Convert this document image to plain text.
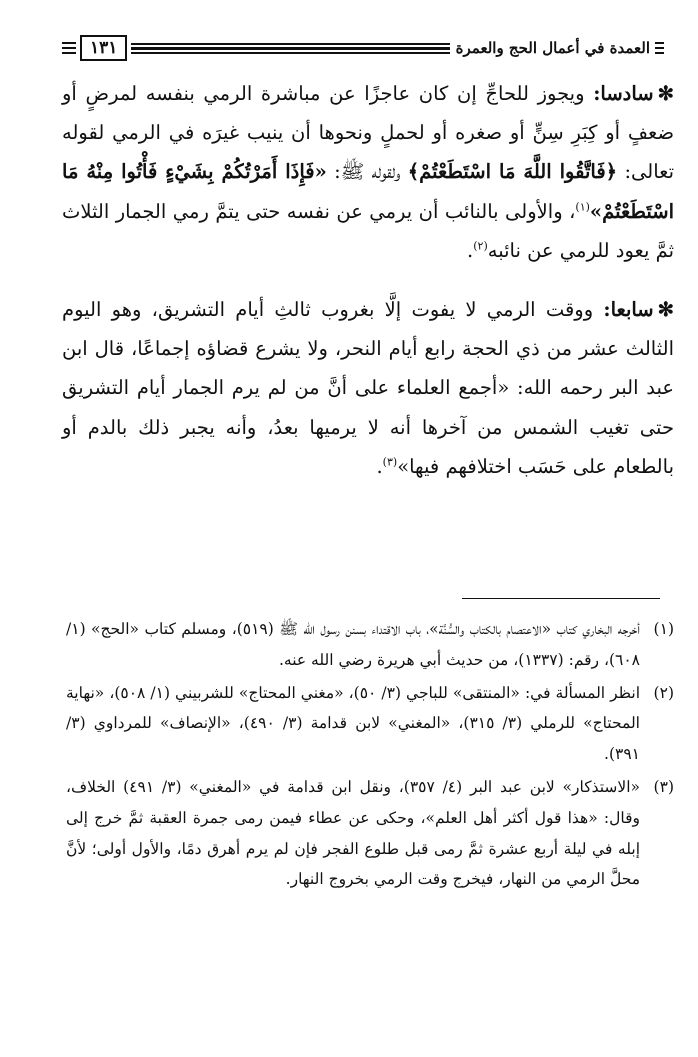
العمدة في أعمال الحج والعمرة
١٣١

✻سادسا: ويجوز للحاجِّ إن كان عاجزًا عن مباشرة الرمي بنفسه لمرضٍ أو ضعفٍ أو كِبَرِ سِنٍّ أو صغره أو لحملٍ ونحوها أن ينيب غيرَه في الرمي لقوله تعالى: ﴿فَاتَّقُوا اللَّهَ مَا اسْتَطَعْتُمْ﴾ ولقوله ﷺ: «فَإِذَا أَمَرْتُكُمْ بِشَيْءٍ فَأْتُوا مِنْهُ مَا اسْتَطَعْتُمْ»$^{(١)}$، والأولى بالنائب أن يرمي عن نفسه حتى يتمَّ رمي الجمار الثلاث ثمَّ يعود للرمي عن نائبه$^{(٢)}$.

✻سابعا: ووقت الرمي لا يفوت إلَّا بغروب ثالثِ أيام التشريق، وهو اليوم الثالث عشر من ذي الحجة رابع أيام النحر، ولا يشرع قضاؤه إجماعًا، قال ابن عبد البر رحمه الله: «أجمع العلماء على أنَّ من لم يرم الجمار أيام التشريق حتى تغيب الشمس من آخرها أنه لا يرميها بعدُ، وأنه يجبر ذلك بالدم أو بالطعام على حَسَب اختلافهم فيها»$^{(٣)}$.

(١)
أخرجه البخاري كتاب «الاعتصام بالكتاب والسُّنَّة»، باب الاقتداء بسنن رسول الله ﷺ (٥١٩)، ومسلم كتاب «الحج» (١/ ٦٠٨)، رقم: (١٣٣٧)، من حديث أبي هريرة رضي الله عنه.
(٢)
انظر المسألة في: «المنتقى» للباجي (٣/ ٥٠)، «مغني المحتاج» للشربيني (١/ ٥٠٨)، «نهاية المحتاج» للرملي (٣/ ٣١٥)، «المغني» لابن قدامة (٣/ ٤٩٠)، «الإنصاف» للمرداوي (٣/ ٣٩١).
(٣)
«الاستذكار» لابن عبد البر (٤/ ٣٥٧)، ونقل ابن قدامة في «المغني» (٣/ ٤٩١) الخلاف، وقال: «هذا قول أكثر أهل العلم»، وحكى عن عطاء فيمن رمى جمرة العقبة ثمَّ خرج إلى إبله في ليلة أربع عشرة ثمَّ رمى قبل طلوع الفجر فإن لم يرم أهرق دمًا، والأول أولى؛ لأنَّ محلَّ الرمي من النهار، فيخرج وقت الرمي بخروج النهار.
